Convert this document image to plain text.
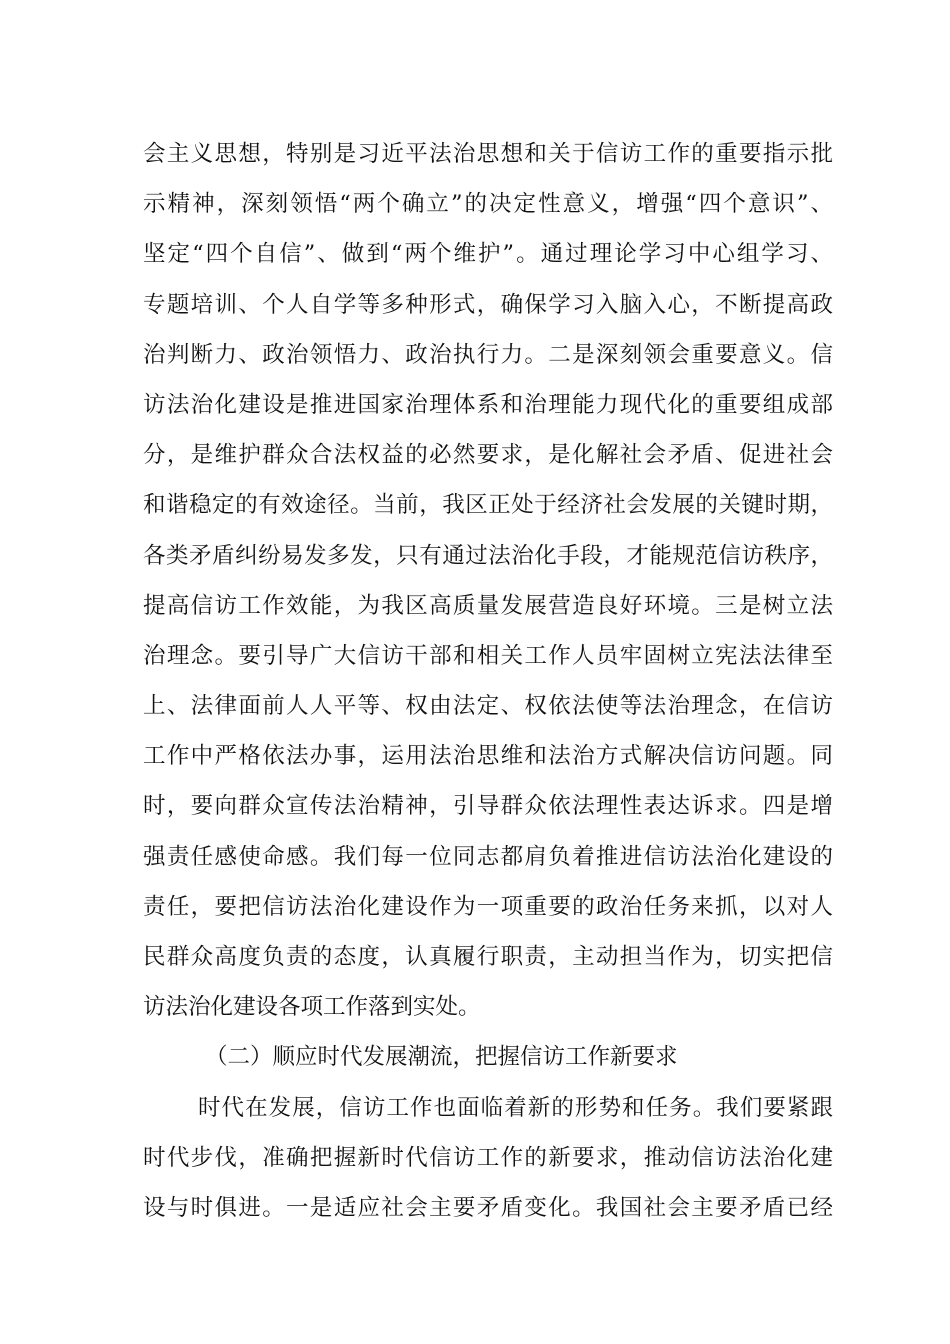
会主义思想，特别是习近平法治思想和关于信访工作的重要指示批
示精神，深刻领悟“两个确立”的决定性意义，增强“四个意识”、
坚定“四个自信”、做到“两个维护”。通过理论学习中心组学习、
专题培训、个人自学等多种形式，确保学习入脑入心，不断提高政
治判断力、政治领悟力、政治执行力。二是深刻领会重要意义。信
访法治化建设是推进国家治理体系和治理能力现代化的重要组成部
分，是维护群众合法权益的必然要求，是化解社会矛盾、促进社会
和谐稳定的有效途径。当前，我区正处于经济社会发展的关键时期，
各类矛盾纠纷易发多发，只有通过法治化手段，才能规范信访秩序，
提高信访工作效能，为我区高质量发展营造良好环境。三是树立法
治理念。要引导广大信访干部和相关工作人员牢固树立宪法法律至
上、法律面前人人平等、权由法定、权依法使等法治理念，在信访
工作中严格依法办事，运用法治思维和法治方式解决信访问题。同
时，要向群众宣传法治精神，引导群众依法理性表达诉求。四是增
强责任感使命感。我们每一位同志都肩负着推进信访法治化建设的
责任，要把信访法治化建设作为一项重要的政治任务来抓，以对人
民群众高度负责的态度，认真履行职责，主动担当作为，切实把信
访法治化建设各项工作落到实处。
（二）顺应时代发展潮流，把握信访工作新要求
时代在发展，信访工作也面临着新的形势和任务。我们要紧跟
时代步伐，准确把握新时代信访工作的新要求，推动信访法治化建
设与时俱进。一是适应社会主要矛盾变化。我国社会主要矛盾已经
